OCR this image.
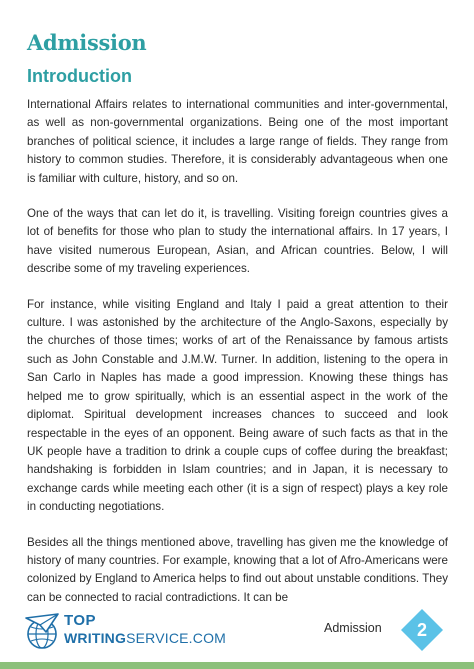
Admission
Introduction

International Affairs relates to international communities and inter-governmental, as well as non-governmental organizations. Being one of the most important branches of political science, it includes a large range of fields. They range from history to common studies. Therefore, it is considerably advantageous when one is familiar with culture, history, and so on.

One of the ways that can let do it, is travelling. Visiting foreign countries gives a lot of benefits for those who plan to study the international affairs. In 17 years, I have visited numerous European, Asian, and African countries. Below, I will describe some of my traveling experiences.

For instance, while visiting England and Italy I paid a great attention to their culture. I was astonished by the architecture of the Anglo-Saxons, especially by the churches of those times; works of art of the Renaissance by famous artists such as John Constable and J.M.W. Turner. In addition, listening to the opera in San Carlo in Naples has made a good impression. Knowing these things has helped me to grow spiritually, which is an essential aspect in the work of the diplomat. Spiritual development increases chances to succeed and look respectable in the eyes of an opponent. Being aware of such facts as that in the UK people have a tradition to drink a couple cups of coffee during the breakfast; handshaking is forbidden in Islam countries; and in Japan, it is necessary to exchange cards while meeting each other (it is a sign of respect) plays a key role in conducting negotiations.

Besides all the things mentioned above, travelling has given me the knowledge of history of many countries. For example, knowing that a lot of Afro-Americans were colonized by England to America helps to find out about unstable conditions. They can be connected to racial contradictions. It can be

TOP
WRITINGSERVICE.COM
Admission	2
